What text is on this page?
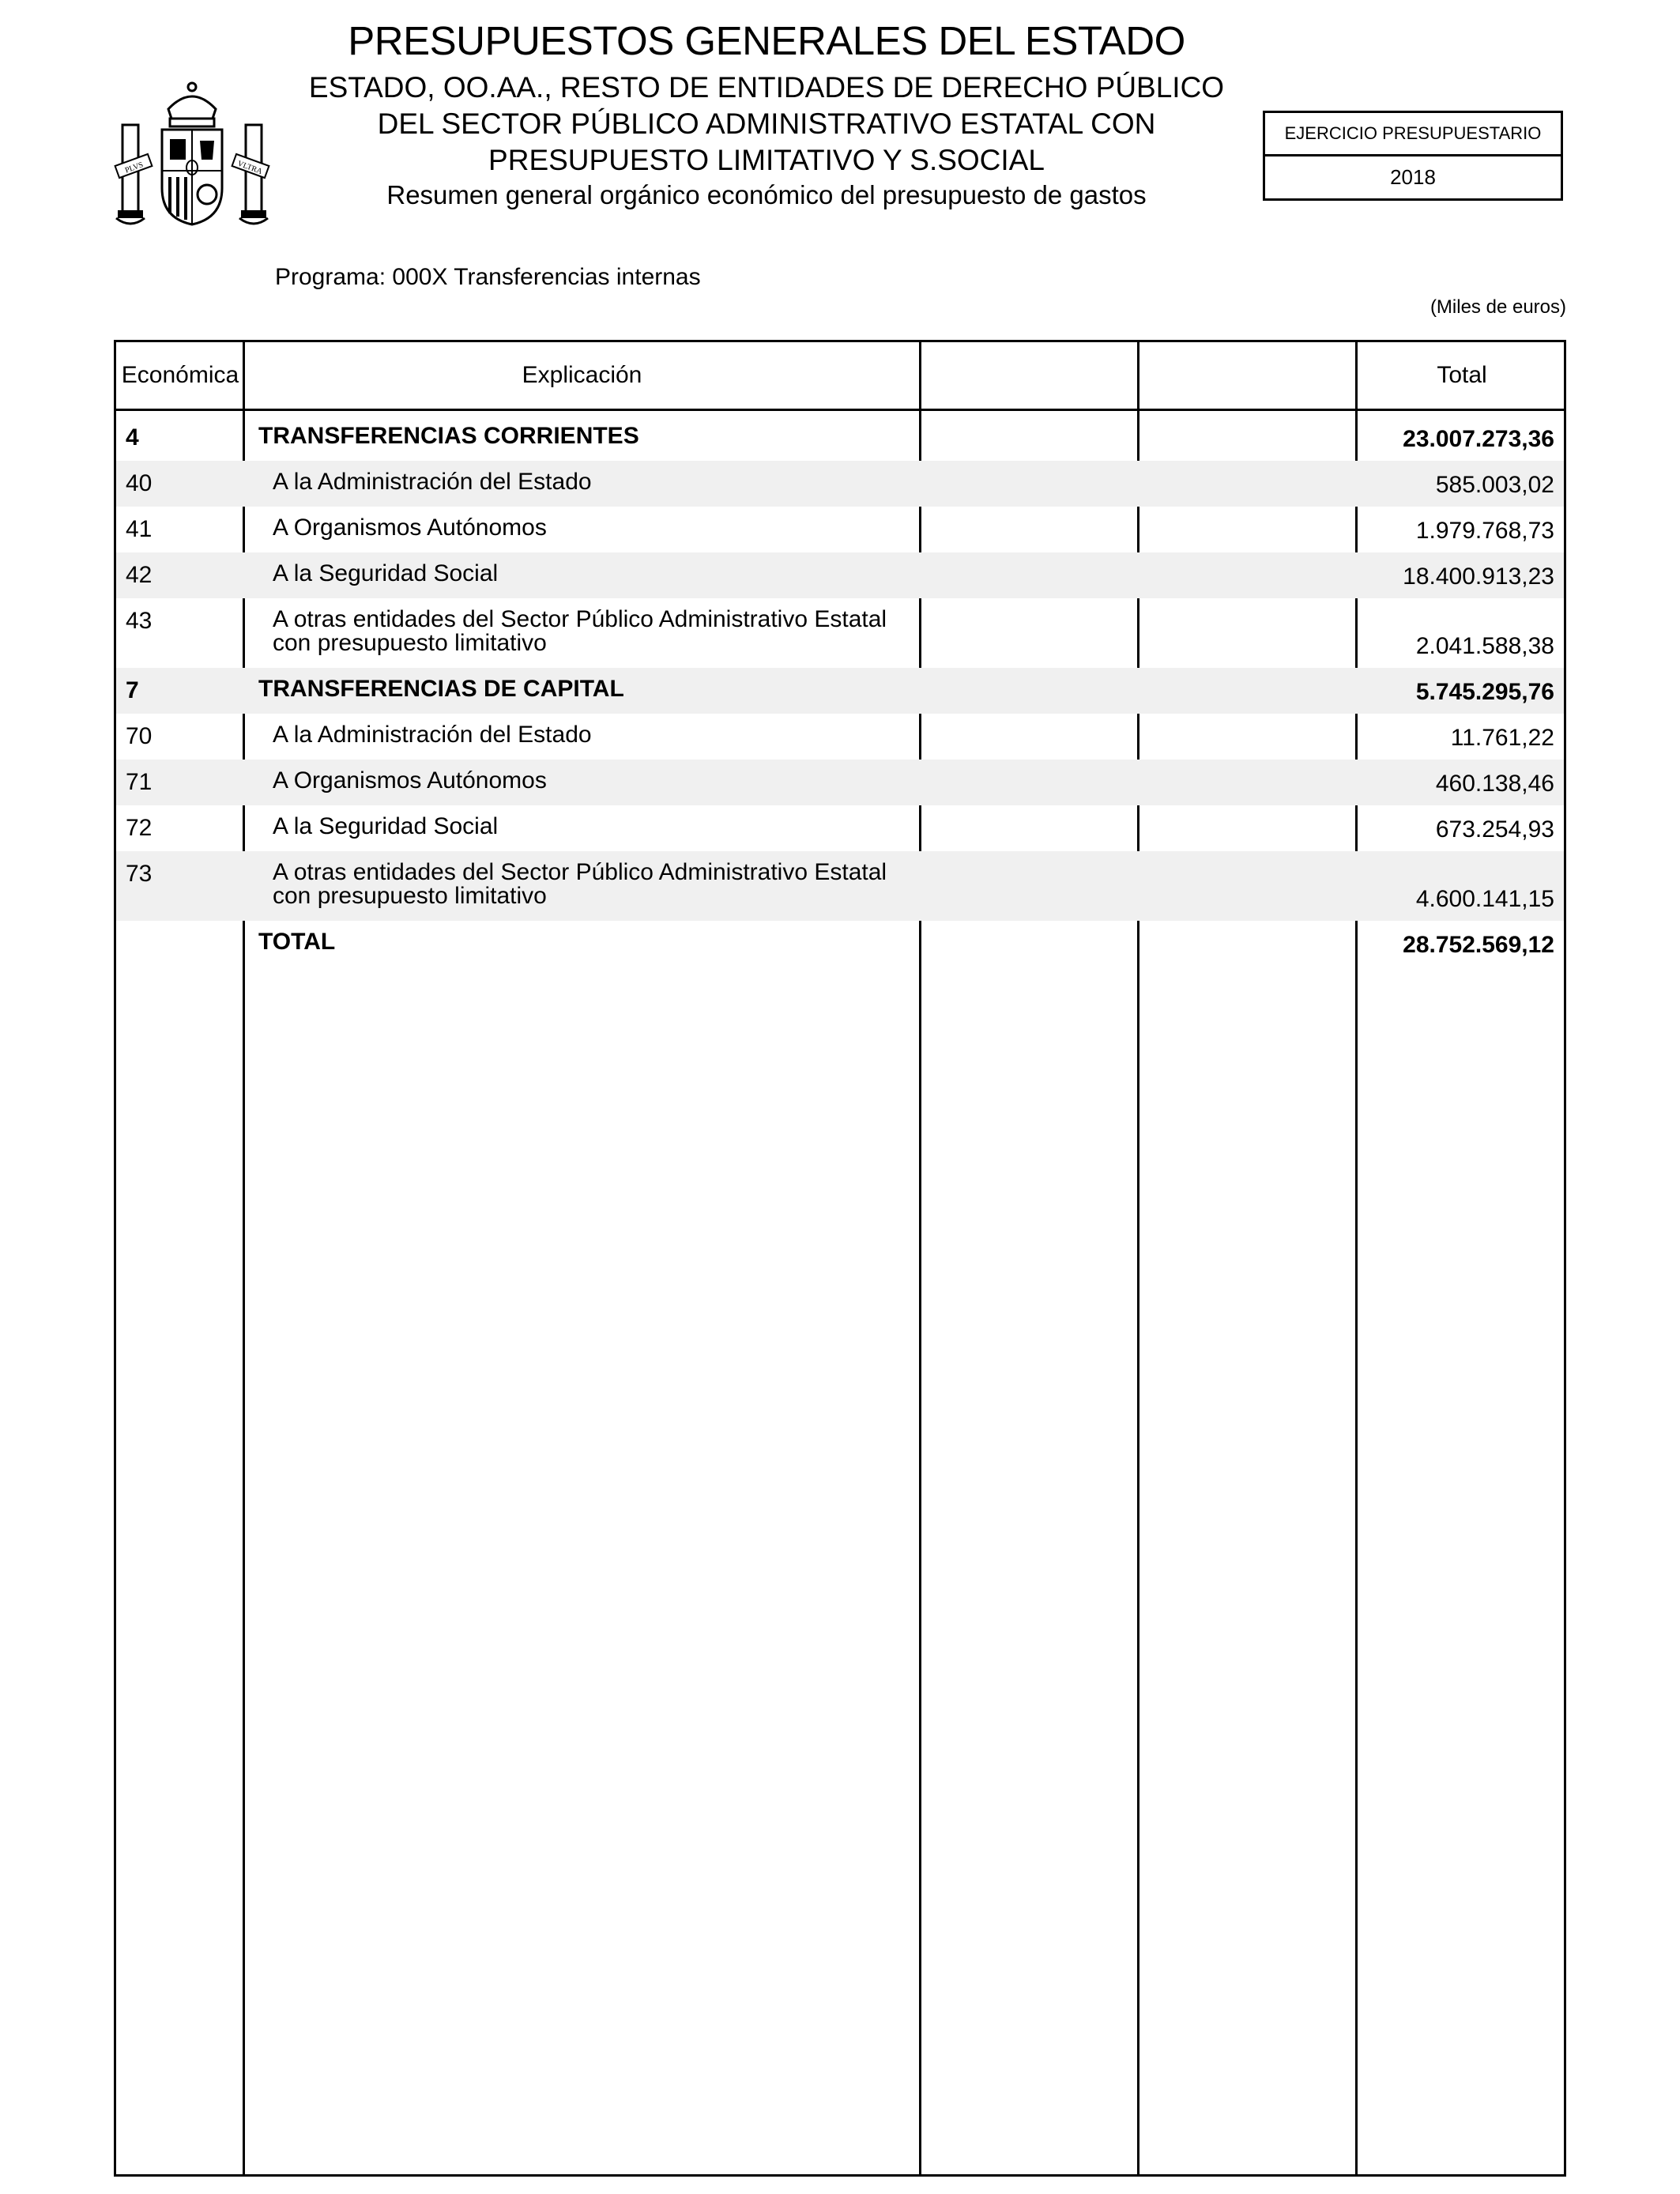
PLVS	VLTRA
PRESUPUESTOS GENERALES DEL ESTADO
ESTADO, OO.AA., RESTO DE ENTIDADES DE DERECHO PÚBLICO
DEL SECTOR PÚBLICO ADMINISTRATIVO ESTATAL CON
PRESUPUESTO LIMITATIVO Y S.SOCIAL
Resumen general orgánico económico del presupuesto de gastos
EJERCICIO PRESUPUESTARIO
2018
Programa: 000X Transferencias internas
(Miles de euros)
Económica	Explicación	Total
4	TRANSFERENCIAS CORRIENTES	23.007.273,36
40	A la Administración del Estado	585.003,02
41	A Organismos Autónomos	1.979.768,73
42	A la Seguridad Social	18.400.913,23
43	A otras entidades del Sector Público Administrativo Estatal
con presupuesto limitativo	2.041.588,38
7	TRANSFERENCIAS DE CAPITAL	5.745.295,76
70	A la Administración del Estado	11.761,22
71	A Organismos Autónomos	460.138,46
72	A la Seguridad Social	673.254,93
73	A otras entidades del Sector Público Administrativo Estatal
con presupuesto limitativo	4.600.141,15
TOTAL	28.752.569,12
